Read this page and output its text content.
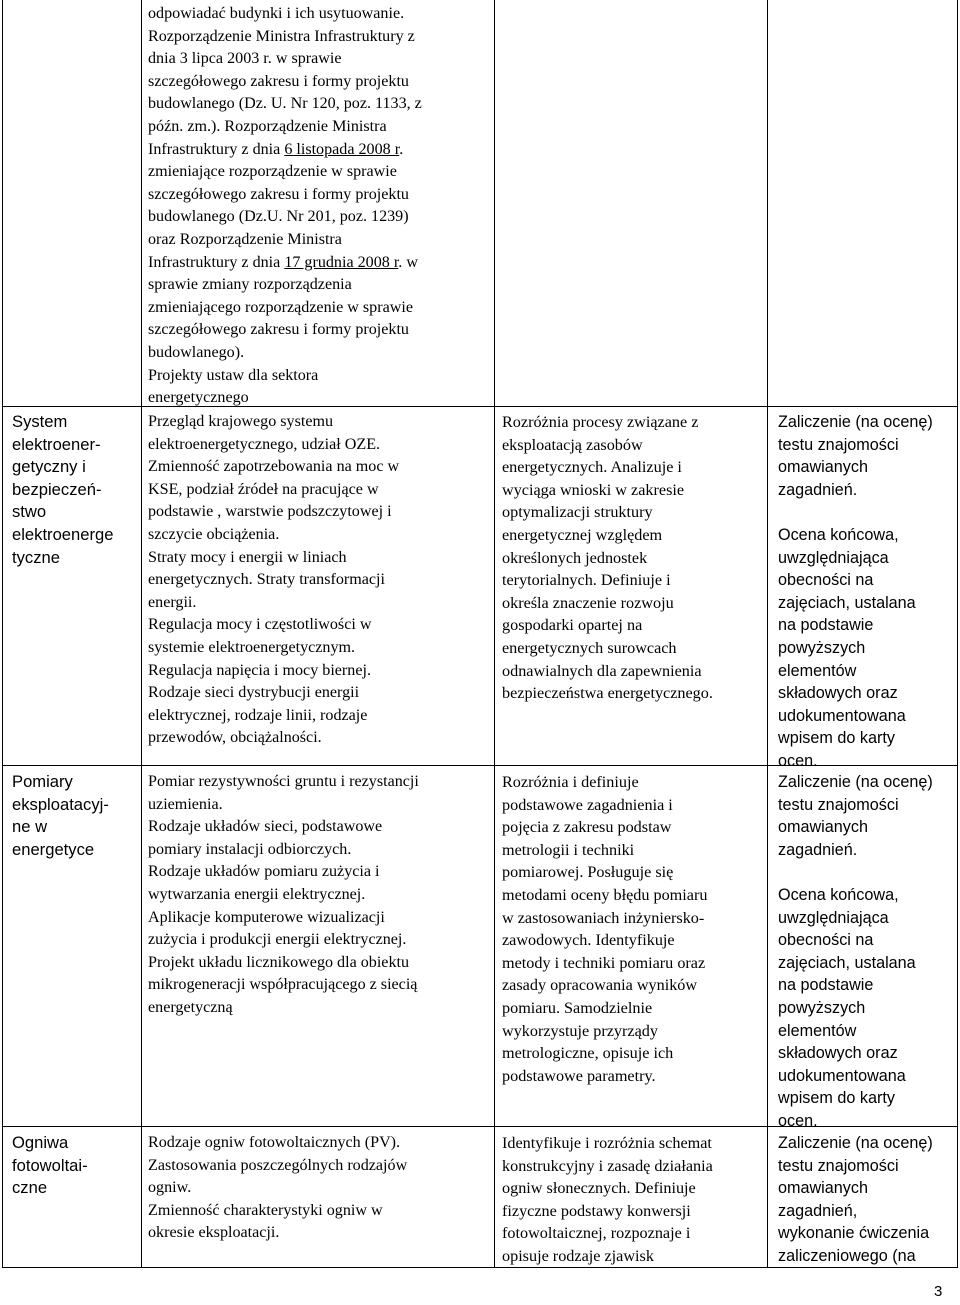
odpowiadać budynki i ich usytuowanie.
Rozporządzenie Ministra Infrastruktury z
dnia 3 lipca 2003 r. w sprawie
szczegółowego zakresu i formy projektu
budowlanego (Dz. U. Nr 120, poz. 1133, z
późn. zm.). Rozporządzenie Ministra
Infrastruktury z dnia 6 listopada 2008 r.
zmieniające rozporządzenie w sprawie
szczegółowego zakresu i formy projektu
budowlanego (Dz.U. Nr 201, poz. 1239)
oraz Rozporządzenie Ministra
Infrastruktury z dnia 17 grudnia 2008 r. w
sprawie zmiany rozporządzenia
zmieniającego rozporządzenie w sprawie
szczegółowego zakresu i formy projektu
budowlanego).
Projekty ustaw dla sektora
energetycznego
System
elektroener-
getyczny i
bezpieczeń-
stwo
elektroenerge
tyczne
Przegląd krajowego systemu
elektroenergetycznego, udział OZE.
Zmienność zapotrzebowania na moc w
KSE, podział źródeł na pracujące w
podstawie , warstwie podszczytowej i
szczycie obciążenia.
Straty mocy i energii w liniach
energetycznych. Straty transformacji
energii.
Regulacja mocy i częstotliwości w
systemie elektroenergetycznym.
Regulacja napięcia i mocy biernej.
Rodzaje sieci dystrybucji energii
elektrycznej, rodzaje linii, rodzaje
przewodów, obciążalności.
Rozróżnia procesy związane z
eksploatacją zasobów
energetycznych. Analizuje i
wyciąga wnioski w zakresie
optymalizacji struktury
energetycznej względem
określonych jednostek
terytorialnych. Definiuje i
określa znaczenie rozwoju
gospodarki opartej na
energetycznych surowcach
odnawialnych dla zapewnienia
bezpieczeństwa energetycznego.
Zaliczenie (na ocenę)
testu znajomości
omawianych
zagadnień.
Ocena końcowa,
uwzględniająca
obecności na
zajęciach, ustalana
na podstawie
powyższych
elementów
składowych oraz
udokumentowana
wpisem do karty
ocen.
Pomiary
eksploatacyj-
ne w
energetyce
Pomiar rezystywności gruntu i rezystancji
uziemienia.
Rodzaje układów sieci, podstawowe
pomiary instalacji odbiorczych.
Rodzaje układów pomiaru zużycia i
wytwarzania energii elektrycznej.
Aplikacje komputerowe wizualizacji
zużycia i produkcji energii elektrycznej.
Projekt układu licznikowego dla obiektu
mikrogeneracji współpracującego z siecią
energetyczną
Rozróżnia i definiuje
podstawowe zagadnienia i
pojęcia z zakresu podstaw
metrologii i techniki
pomiarowej. Posługuje się
metodami oceny błędu pomiaru
w zastosowaniach inżyniersko-
zawodowych. Identyfikuje
metody i techniki pomiaru oraz
zasady opracowania wyników
pomiaru. Samodzielnie
wykorzystuje przyrządy
metrologiczne, opisuje ich
podstawowe parametry.
Zaliczenie (na ocenę)
testu znajomości
omawianych
zagadnień.
Ocena końcowa,
uwzględniająca
obecności na
zajęciach, ustalana
na podstawie
powyższych
elementów
składowych oraz
udokumentowana
wpisem do karty
ocen.
Ogniwa
fotowoltai-
czne
Rodzaje ogniw fotowoltaicznych (PV).
Zastosowania poszczególnych rodzajów
ogniw.
Zmienność charakterystyki ogniw w
okresie eksploatacji.
Identyfikuje i rozróżnia schemat
konstrukcyjny i zasadę działania
ogniw słonecznych. Definiuje
fizyczne podstawy konwersji
fotowoltaicznej, rozpoznaje i
opisuje rodzaje zjawisk
Zaliczenie (na ocenę)
testu znajomości
omawianych
zagadnień,
wykonanie ćwiczenia
zaliczeniowego (na
3
